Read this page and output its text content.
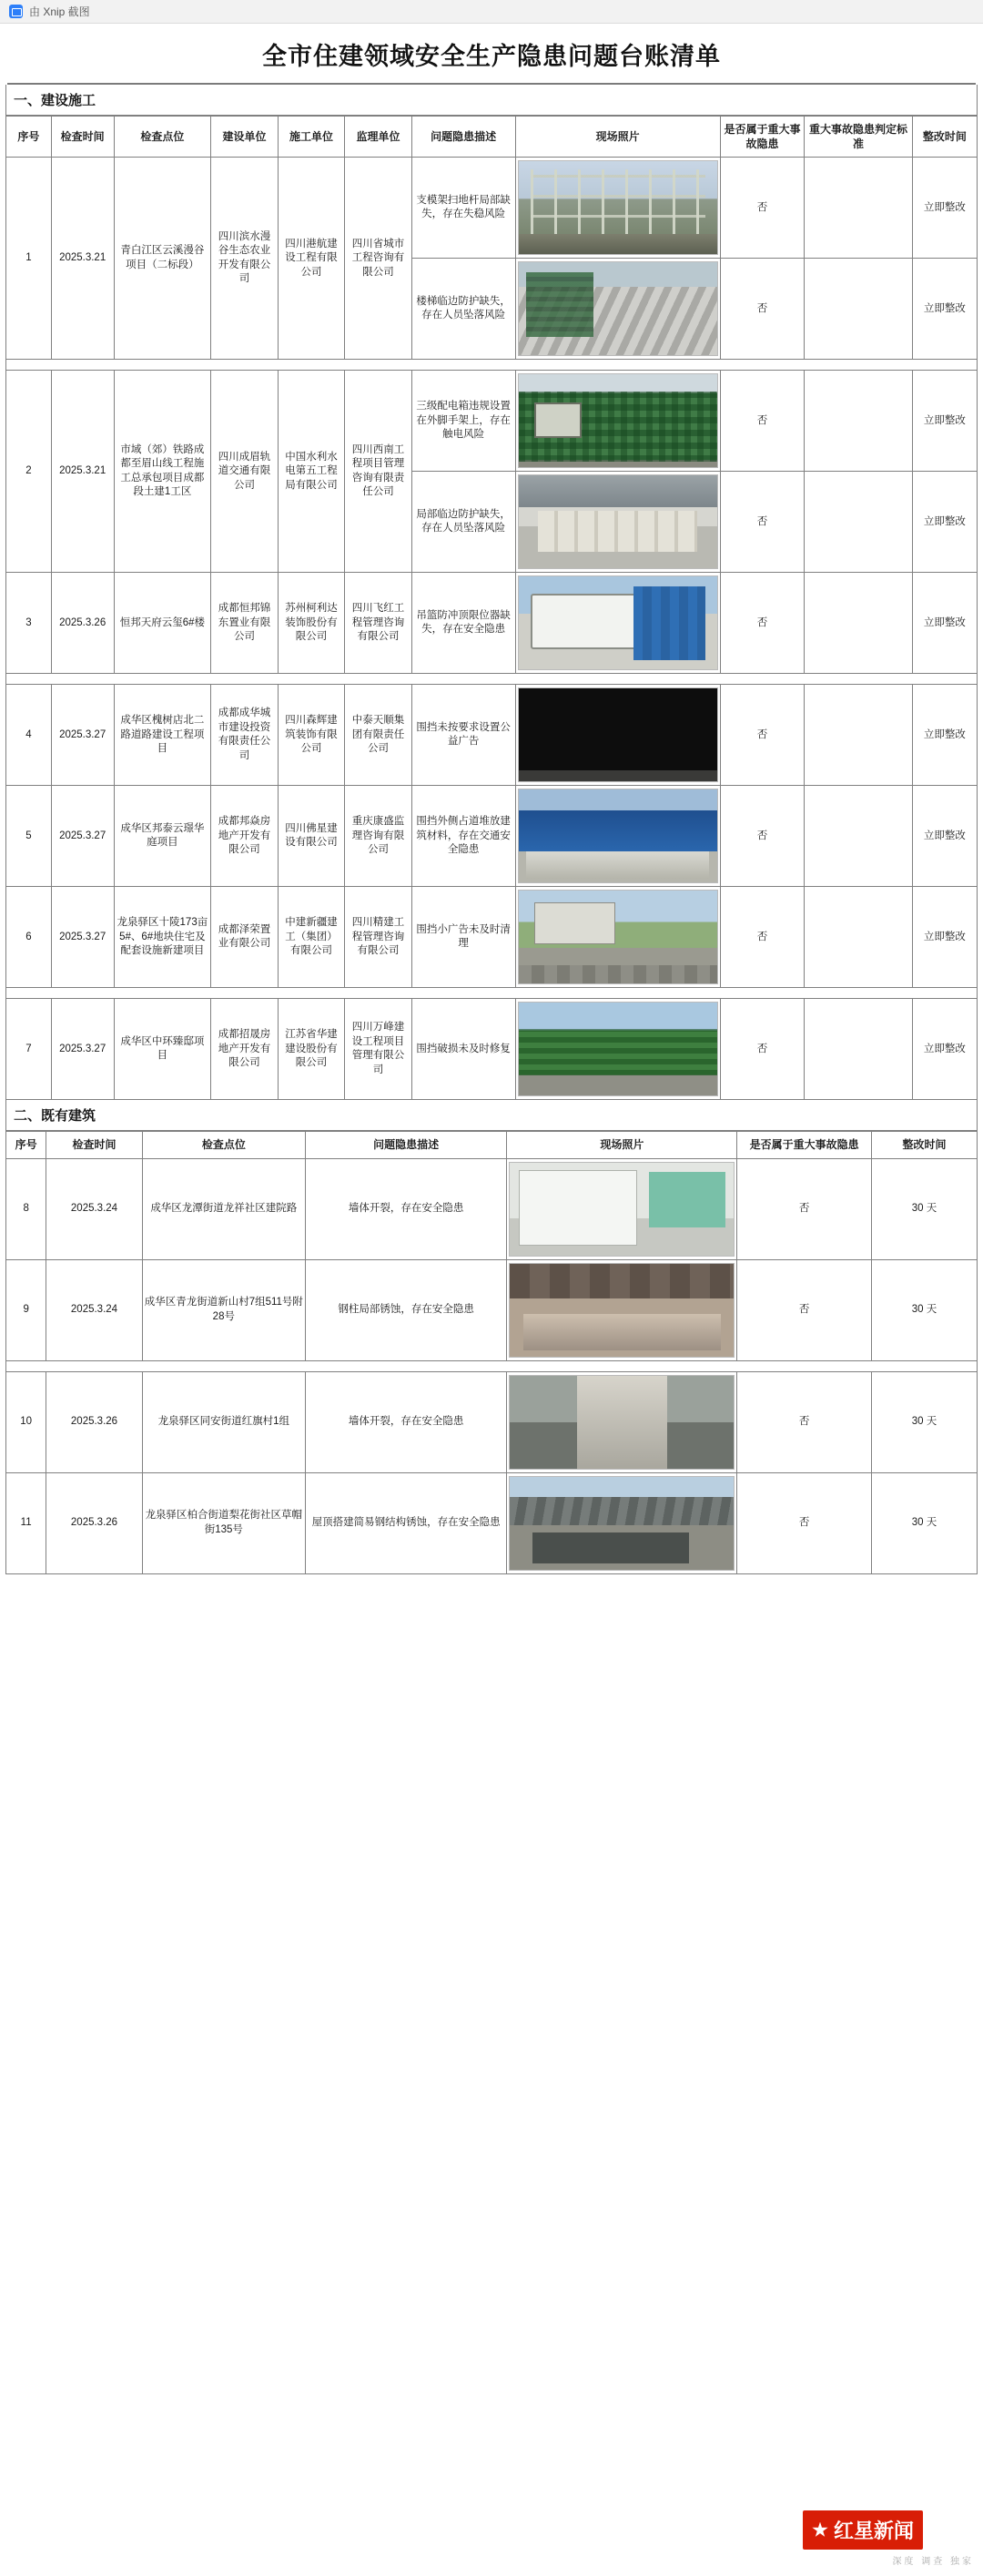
由 Xnip 截图
全市住建领域安全生产隐患问题台账清单
一、建设施工
序号	检查时间	检查点位	建设单位	施工单位	监理单位	问题隐患描述	现场照片	是否属于重大事故隐患	重大事故隐患判定标准	整改时间
1	2025.3.21	青白江区云溪漫谷项目（二标段）	四川滨水漫谷生态农业开发有限公司	四川港航建设工程有限公司	四川省城市工程咨询有限公司	支模架扫地杆局部缺失，存在失稳风险		否		立即整改
						楼梯临边防护缺失，存在人员坠落风险		否		立即整改

2	2025.3.21	市域（郊）铁路成都至眉山线工程施工总承包项目成都段土建1工区	四川成眉轨道交通有限公司	中国水利水电第五工程局有限公司	四川西南工程项目管理咨询有限责任公司	三级配电箱违规设置在外脚手架上，存在触电风险		否		立即整改
						局部临边防护缺失，存在人员坠落风险		否		立即整改
3	2025.3.26	恒邦天府云玺6#楼	成都恒邦锦东置业有限公司	苏州柯利达装饰股份有限公司	四川飞红工程管理咨询有限公司	吊篮防冲顶限位器缺失，存在安全隐患		否		立即整改

4	2025.3.27	成华区槐树店北二路道路建设工程项目	成都成华城市建设投资有限责任公司	四川森辉建筑装饰有限公司	中泰天顺集团有限责任公司	围挡未按要求设置公益广告		否		立即整改
5	2025.3.27	成华区邦泰云璟华庭项目	成都邦焱房地产开发有限公司	四川佛星建设有限公司	重庆康盛监理咨询有限公司	围挡外侧占道堆放建筑材料，存在交通安全隐患		否		立即整改
6	2025.3.27	龙泉驿区十陵173亩5#、6#地块住宅及配套设施新建项目	成都泽荣置业有限公司	中建新疆建工（集团）有限公司	四川精建工程管理咨询有限公司	围挡小广告未及时清理		否		立即整改

7	2025.3.27	成华区中环臻邸项目	成都招晟房地产开发有限公司	江苏省华建建设股份有限公司	四川万峰建设工程项目管理有限公司	围挡破损未及时修复		否		立即整改
二、既有建筑
序号	检查时间	检查点位	问题隐患描述	现场照片	是否属于重大事故隐患	整改时间
8	2025.3.24	成华区龙潭街道龙祥社区建院路	墙体开裂，存在安全隐患		否	30 天
9	2025.3.24	成华区青龙街道新山村7组511号附28号	钢柱局部锈蚀，存在安全隐患		否	30 天

10	2025.3.26	龙泉驿区同安街道红旗村1组	墙体开裂，存在安全隐患		否	30 天
11	2025.3.26	龙泉驿区柏合街道梨花街社区草帽街135号	屋顶搭建简易钢结构锈蚀，存在安全隐患		否	30 天
红星新闻
深度 调查 独家
